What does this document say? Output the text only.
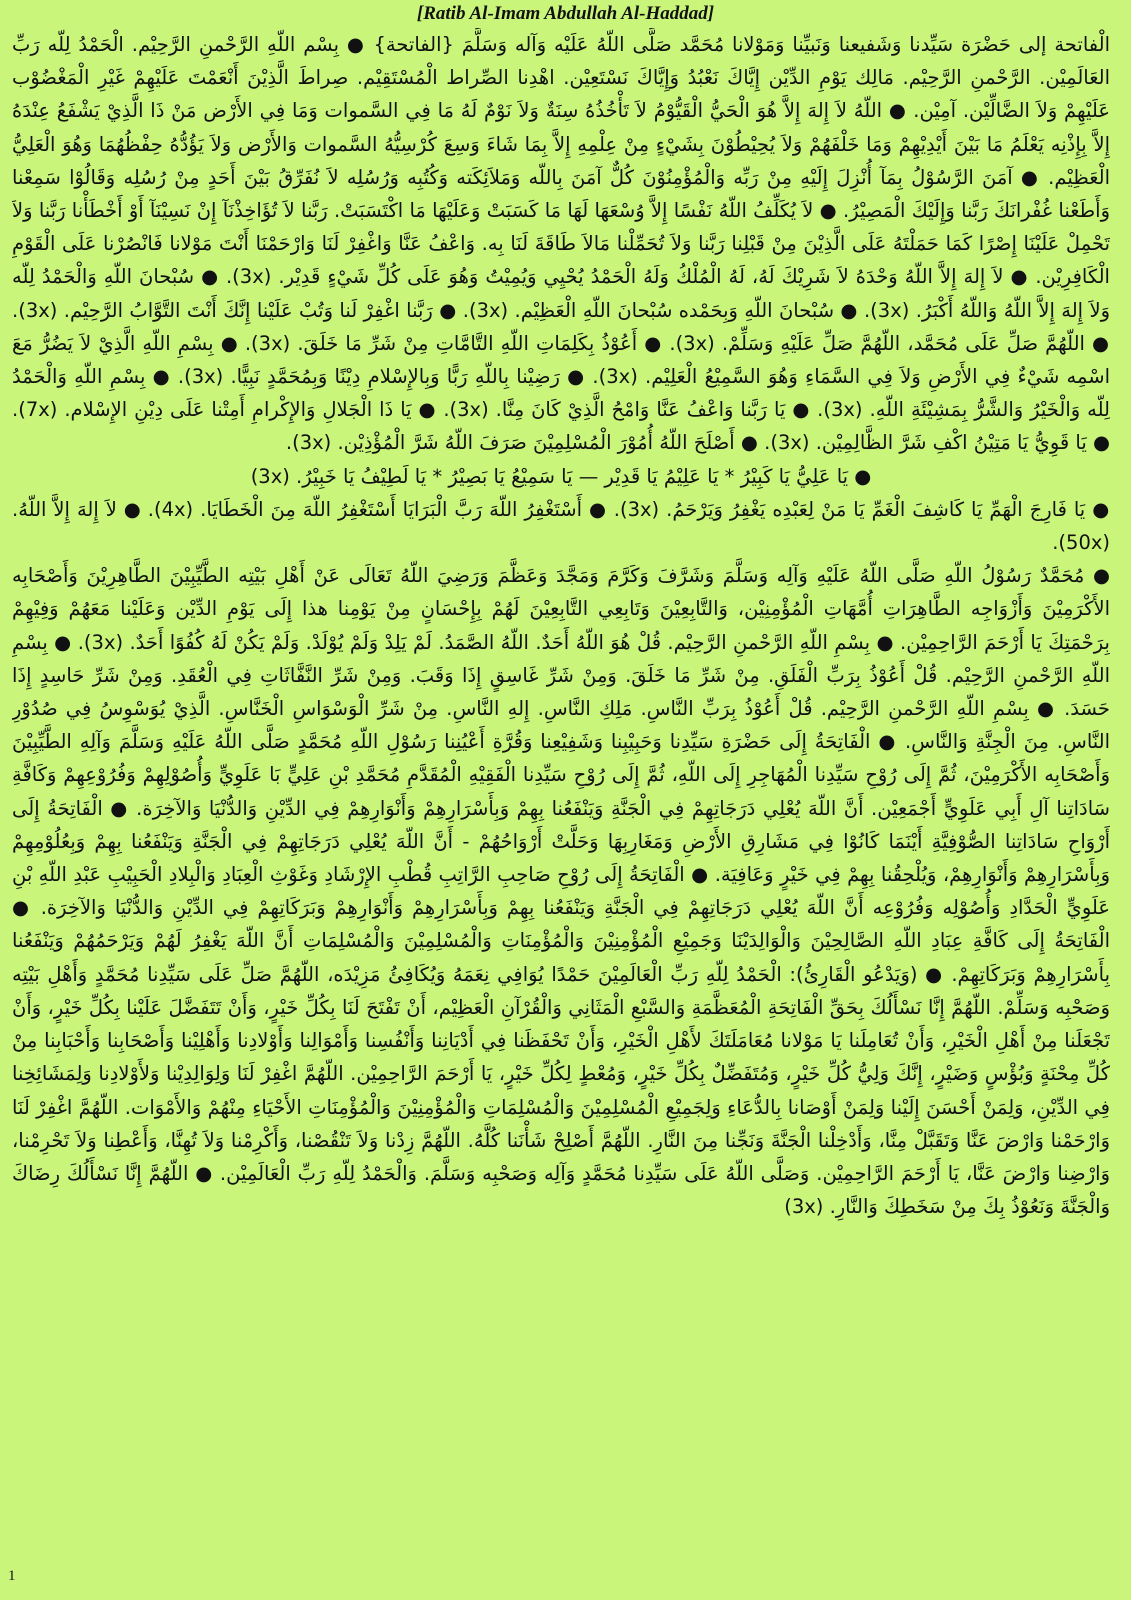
[Ratib Al-Imam Abdullah Al-Haddad]
الْفاتحة إلى حَضْرَة سَيِّدنا وَشَفيعنا وَنَبيِّنا وَمَوْلانا مُحَمَّد صَلَّى اللّهُ عَلَيْه وَآله وَسَلَّمَ {الفاتحة} ● بِسْم اللّهِ الرَّحْمنِ الرَّحِيْم. الْحَمْدُ لِلّه رَبِّ العَالَمِيْن. الرَّحْمنِ الرَّحِيْم. مَالِك يَوْمِ الدِّيْن إِيَّاكَ نَعْبُدُ وَإِيَّاكَ نَسْتَعِيْن. اهْدِنا الصِّراط الْمُسْتَقِيْم. صِراطَ الَّذِيْنَ أَنْعَمْتَ عَلَيْهِمْ غَيْرِ الْمَغْضُوْب عَلَيْهِمْ وَلاَ الضَّالِّيْن. آمِيْن. ● اللّهُ لاَ إِلهَ إِلاَّ هُوَ الْحَيُّ الْقَيُّوْمُ لاَ تَأْخُذُهُ سِنَةٌ وَلاَ نَوْمٌ لَهُ مَا فِي السَّموات وَمَا فِي الأَرْض مَنْ ذَا الَّذِيْ يَشْفَعُ عِنْدَهُ إِلاَّ بِإِذْنِه يَعْلَمُ مَا بَيْنَ أَيْدِيْهِمْ وَمَا خَلْفَهُمْ وَلاَ يُحِيْطُوْنَ بِشَيْءٍ مِنْ عِلْمِهِ إِلاَّ بِمَا شَاءَ وَسِعَ كُرْسِيُّهُ السَّموات وَالأَرْض وَلاَ يَؤُدُّهُ حِفْظُهُمَا وَهُوَ الْعَلِيُّ الْعَظِيْم. ● آمَنَ الرَّسُوْلُ بِمَآ أُنْزِلَ إِلَيْهِ مِنْ رَبِّه وَالْمُؤْمِنُوْنَ كُلٌّ آمَنَ بِاللّه وَمَلاَئِكَته وَكُتُبِه وَرُسُلِه لاَ نُفَرِّقُ بَيْنَ أَحَدٍ مِنْ رُسُلِه وَقَالُوْا سَمِعْنا وَأَطَعْنا غُفْرانَكَ رَبَّنا وَإِلَيْكَ الْمَصِيْرُ. ● لاَ يُكَلِّفُ اللّهُ نَفْسًا إِلاَّ وُسْعَهَا لَهَا مَا كَسَبَتْ وَعَلَيْهَا مَا اكْتَسَبَتْ. رَبَّنا لاَ تُؤَاخِذْنَآ إِنْ نَسِيْنَآ أَوْ أَخْطَأْنا رَبَّنا وَلاَ تَحْمِلْ عَلَيْنَا إِصْرًا كَمَا حَمَلْتَهُ عَلَى الَّذِيْنَ مِنْ قَبْلِنا رَبَّنا وَلاَ تُحَمِّلْنا مَالاَ طَاقَةَ لَنَا بِه. وَاعْفُ عَنَّا وَاغْفِرْ لَنَا وَارْحَمْنَا أَنْتَ مَوْلانا فَانْصُرْنا عَلَى الْقَوْمِ الْكَافِرِيْن. ● لاَ إِلهَ إِلاَّ اللّهُ وَحْدَهُ لاَ شَرِيْكَ لَهُ، لَهُ الْمُلْكُ وَلَهُ الْحَمْدُ يُحْيِي وَيُمِيْتُ وَهُوَ عَلَى كُلِّ شَيْءٍ قَدِيْر. (3x). ● سُبْحانَ اللّهِ وَالْحَمْدُ لِلّه وَلاَ إِلهَ إِلاَّ اللّهُ وَاللّهُ أَكْبَرُ. (3x). ● سُبْحانَ اللّهِ وَبِحَمْده سُبْحانَ اللّهِ الْعَظِيْم. (3x). ● رَبَّنا اغْفِرْ لَنا وَتُبْ عَلَيْنا إِنَّكَ أَنْتَ التَّوَّابُ الرَّحِيْم. (3x). ● اللّهُمَّ صَلِّ عَلَى مُحَمَّد، اللّهُمَّ صَلِّ عَلَيْهِ وَسَلِّمْ. (3x). ● أَعُوْذُ بِكَلِمَاتِ اللّهِ التَّامَّاتِ مِنْ شَرِّ مَا خَلَقَ. (3x). ● بِسْمِ اللّهِ الَّذِيْ لاَ يَضُرُّ مَعَ اسْمِه شَيْءٌ فِي الأَرْضِ وَلاَ فِي السَّمَاءِ وَهُوَ السَّمِيْعُ الْعَلِيْم. (3x). ● رَضِيْنا بِاللّهِ رَبًّا وَبِالإِسْلامِ دِيْنًا وَبِمُحَمَّدٍ نَبِيًّا. (3x). ● بِسْمِ اللّهِ وَالْحَمْدُ لِلّه وَالْخَيْرُ وَالشَّرُّ بِمَشِيْئَةِ اللّهِ. (3x). ● يَا رَبَّنا وَاعْفُ عَنَّا وَامْحُ الَّذِيْ كَانَ مِنَّا. (3x). ● يَا ذَا الْجَلالِ وَالإِكْرامِ أَمِتْنا عَلَى دِيْنِ الإِسْلام. (7x). ● يَا قَوِيُّ يَا مَتِيْنُ اكْفِ شَرَّ الظَّالِمِيْن. (3x). ● أَصْلَحَ اللّهُ أُمُوْرَ الْمُسْلِمِيْنَ صَرَفَ اللّهُ شَرَّ الْمُؤْذِيْن. (3x).
● يَا عَلِيُّ يَا كَبِيْرُ * يَا عَلِيْمُ يَا قَدِيْر — يَا سَمِيْعُ يَا بَصِيْرُ * يَا لَطِيْفُ يَا خَبِيْرُ. (3x)
● يَا فَارِجَ الْهَمِّ يَا كَاشِفَ الْغَمِّ يَا مَنْ لِعَبْدِه يَغْفِرُ وَيَرْحَمُ. (3x). ● أَسْتَغْفِرُ اللّهَ رَبَّ الْبَرَايَا أَسْتَغْفِرُ اللّهَ مِنَ الْخَطَايَا. (4x). ● لاَ إِلهَ إِلاَّ اللّهُ. (50x).
● مُحَمَّدٌ رَسُوْلُ اللّهِ صَلَّى اللّهُ عَلَيْهِ وَآلِه وَسَلَّمَ وَشَرَّفَ وَكَرَّمَ وَمَجَّدَ وَعَظَّمَ وَرَضِيَ اللّهُ تَعَالَى عَنْ أَهْلِ بَيْتِه الطَّيِّبِيْنَ الطَّاهِرِيْنَ وَأَصْحَابِه الأَكْرَمِيْنَ وَأَزْوَاجِه الطَّاهِرَاتِ أُمَّهَاتِ الْمُؤْمِنِيْن، وَالتَّابِعِيْنَ وَتَابِعِي التَّابِعِيْنَ لَهُمْ بِإِحْسَانٍ مِنْ يَوْمِنا هذا إِلَى يَوْمِ الدِّيْن وَعَلَيْنا مَعَهُمْ وَفِيْهِمْ بِرَحْمَتِكَ يَا أَرْحَمَ الرَّاحِمِيْن. ● بِسْمِ اللّهِ الرَّحْمنِ الرَّحِيْم. قُلْ هُوَ اللّهُ أَحَدٌ. اللّهُ الصَّمَدُ. لَمْ يَلِدْ وَلَمْ يُوْلَدْ. وَلَمْ يَكُنْ لَهُ كُفُوًا أَحَدٌ. (3x). ● بِسْمِ اللّهِ الرَّحْمنِ الرَّحِيْم. قُلْ أَعُوْذُ بِرَبِّ الْفَلَقِ. مِنْ شَرِّ مَا خَلَقَ. وَمِنْ شَرِّ غَاسِقٍ إِذَا وَقَبَ. وَمِنْ شَرِّ النَّفَّاثَاتِ فِي الْعُقَدِ. وَمِنْ شَرِّ حَاسِدٍ إِذَا حَسَدَ. ● بِسْمِ اللّهِ الرَّحْمنِ الرَّحِيْم. قُلْ أَعُوْذُ بِرَبِّ النَّاسِ. مَلِكِ النَّاسِ. إِلهِ النَّاسِ. مِنْ شَرِّ الْوَسْوَاسِ الْخَنَّاسِ. الَّذِيْ يُوَسْوِسُ فِي صُدُوْرِ النَّاسِ. مِنَ الْجِنَّةِ وَالنَّاسِ. ● الْفَاتِحَةُ إِلَى حَضْرَةِ سَيِّدِنا وَحَبِيْبِنا وَشَفِيْعِنا وَقُرَّةِ أَعْيُنِنا رَسُوْلِ اللّهِ مُحَمَّدٍ صَلَّى اللّهُ عَلَيْهِ وَسَلَّمَ وَآلِهِ الطَّيِّبِيْنَ وَأَصْحَابِه الأَكْرَمِيْنَ، ثُمَّ إِلَى رُوْحِ سَيِّدِنا الْمُهَاجِرِ إِلَى اللّهِ، ثُمَّ إِلَى رُوْحِ سَيِّدِنا الْفَقِيْهِ الْمُقَدَّمِ مُحَمَّدِ بْنِ عَلِيٍّ بَا عَلَوِيٍّ وَأُصُوْلِهِمْ وَفُرُوْعِهِمْ وَكَافَّةِ سَادَاتِنا آلِ أَبِي عَلَوِيٍّ أَجْمَعِيْن. أَنَّ اللّهَ يُعْلِي دَرَجَاتِهِمْ فِي الْجَنَّةِ وَيَنْفَعُنا بِهِمْ وَبِأَسْرَارِهِمْ وَأَنْوَارِهِمْ فِي الدِّيْنِ وَالدُّنْيَا وَالآخِرَة. ● الْفَاتِحَةُ إِلَى أَرْوَاحِ سَادَاتِنا الصُّوْفِيَّةِ أَيْنَمَا كَانُوْا فِي مَشَارِقِ الأَرْضِ وَمَغَارِبِهَا وَحَلَّتْ أَرْوَاحُهُمْ - أَنَّ اللّهَ يُعْلِي دَرَجَاتِهِمْ فِي الْجَنَّةِ وَيَنْفَعُنا بِهِمْ وَبِعُلُوْمِهِمْ وَبِأَسْرَارِهِمْ وَأَنْوَارِهِمْ، وَيُلْحِقُنا بِهِمْ فِي خَيْرٍ وَعَافِيَة. ● الْفَاتِحَةُ إِلَى رُوْحِ صَاحِبِ الرَّاتِبِ قُطْبِ الإِرْشَادِ وَغَوْثِ الْعِبَادِ وَالْبِلادِ الْحَبِيْبِ عَبْدِ اللّهِ بْنِ عَلَوِيٍّ الْحَدَّادِ وَأُصُوْلِه وَفُرُوْعِه أَنَّ اللّهَ يُعْلِي دَرَجَاتِهِمْ فِي الْجَنَّةِ وَيَنْفَعُنا بِهِمْ وَبِأَسْرَارِهِمْ وَأَنْوَارِهِمْ وَبَرَكَاتِهِمْ فِي الدِّيْنِ وَالدُّنْيَا وَالآخِرَة. ● الْفَاتِحَةُ إِلَى كَافَّةِ عِبَادِ اللّهِ الصَّالِحِيْنَ وَالْوَالِدَيْنَا وَجَمِيْعِ الْمُؤْمِنِيْنَ وَالْمُؤْمِنَاتِ وَالْمُسْلِمِيْنَ وَالْمُسْلِمَاتِ أَنَّ اللّهَ يَغْفِرُ لَهُمْ وَيَرْحَمُهُمْ وَيَنْفَعُنا بِأَسْرَارِهِمْ وَبَرَكَاتِهِمْ. ● (وَيَدْعُو الْقَارِئُ): الْحَمْدُ لِلّهِ رَبِّ الْعَالَمِيْنَ حَمْدًا يُوَافِي نِعَمَهُ وَيُكَافِئُ مَزِيْدَه، اللّهُمَّ صَلِّ عَلَى سَيِّدِنا مُحَمَّدٍ وَأَهْلِ بَيْتِه وَصَحْبِه وَسَلِّمْ. اللّهُمَّ إِنَّا نَسْأَلُكَ بِحَقِّ الْفَاتِحَةِ الْمُعَظَّمَةِ وَالسَّبْعِ الْمَثَانِي وَالْقُرْآنِ الْعَظِيْم، أَنْ تَفْتَحَ لَنَا بِكُلِّ خَيْرٍ، وَأَنْ تَتَفَضَّلَ عَلَيْنا بِكُلِّ خَيْرٍ، وَأَنْ تَجْعَلَنا مِنْ أَهْلِ الْخَيْرِ، وَأَنْ تُعَامِلَنا يَا مَوْلانا مُعَامَلَتَكَ لأَهْلِ الْخَيْرِ، وَأَنْ تَحْفَظَنا فِي أَدْيَانِنا وَأَنْفُسِنا وَأَمْوَالِنا وَأَوْلادِنا وَأَهْلِيْنا وَأَصْحَابِنا وَأَحْبَابِنا مِنْ كُلِّ مِحْنَةٍ وَبُؤْسٍ وَضَيْرٍ، إِنَّكَ وَلِيُّ كُلِّ خَيْرٍ، وَمُتَفَضِّلٌ بِكُلِّ خَيْرٍ، وَمُعْطٍ لِكُلِّ خَيْرٍ، يَا أَرْحَمَ الرَّاحِمِيْن. اللّهُمَّ اغْفِرْ لَنَا وَلِوَالِدِيْنا وَلأَوْلادِنا وَلِمَشَائِخِنا فِي الدِّيْنِ، وَلِمَنْ أَحْسَنَ إِلَيْنا وَلِمَنْ أَوْصَانا بِالدُّعَاءِ وَلِجَمِيْعِ الْمُسْلِمِيْنَ وَالْمُسْلِمَاتِ وَالْمُؤْمِنِيْنَ وَالْمُؤْمِنَاتِ الأَحْيَاءِ مِنْهُمْ وَالأَمْوَات. اللّهُمَّ اغْفِرْ لَنَا وَارْحَمْنا وَارْضَ عَنَّا وَتَقَبَّلْ مِنَّا، وَأَدْخِلْنا الْجَنَّةَ وَنَجِّنا مِنَ النَّارِ. اللّهُمَّ أَصْلِحْ شَأْنَنا كُلَّهُ. اللّهُمَّ زِدْنا وَلاَ تَنْقُصْنا، وَأَكْرِمْنا وَلاَ تُهِنَّا، وَأَعْطِنا وَلاَ تَحْرِمْنا، وَارْضِنا وَارْضَ عَنَّا، يَا أَرْحَمَ الرَّاحِمِيْن. وَصَلَّى اللّهُ عَلَى سَيِّدِنا مُحَمَّدٍ وَآلِه وَصَحْبِه وَسَلَّمَ. وَالْحَمْدُ لِلّهِ رَبِّ الْعَالَمِيْن. ● اللّهُمَّ إِنَّا نَسْأَلُكَ رِضَاكَ وَالْجَنَّةَ وَنَعُوْذُ بِكَ مِنْ سَخَطِكَ وَالنَّارِ. (3x)
1
